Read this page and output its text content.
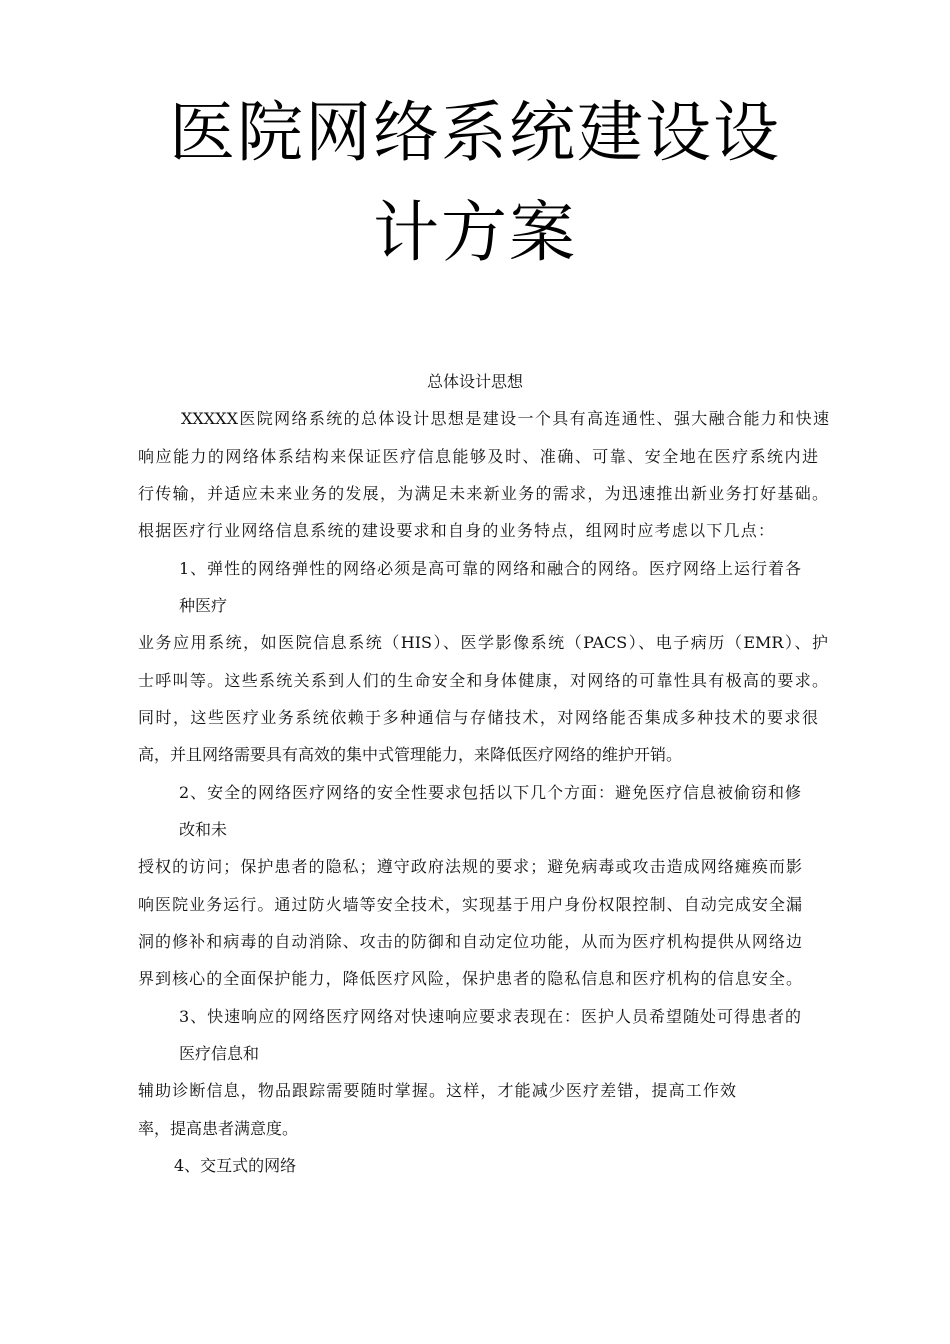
医院网络系统建设设
计方案
总体设计思想
XXXXX医院网络系统的总体设计思想是建设一个具有高连通性、强大融合能力和快速
响应能力的网络体系结构来保证医疗信息能够及时、准确、可靠、安全地在医疗系统内进
行传输，并适应未来业务的发展，为满足未来新业务的需求，为迅速推出新业务打好基础。
根据医疗行业网络信息系统的建设要求和自身的业务特点，组网时应考虑以下几点：
1、弹性的网络弹性的网络必须是高可靠的网络和融合的网络。医疗网络上运行着各
种医疗
业务应用系统，如医院信息系统（HIS）、医学影像系统（PACS）、电子病历（EMR）、护
士呼叫等。这些系统关系到人们的生命安全和身体健康，对网络的可靠性具有极高的要求。
同时，这些医疗业务系统依赖于多种通信与存储技术，对网络能否集成多种技术的要求很
高，并且网络需要具有高效的集中式管理能力，来降低医疗网络的维护开销。
2、安全的网络医疗网络的安全性要求包括以下几个方面：避免医疗信息被偷窃和修
改和未
授权的访问；保护患者的隐私；遵守政府法规的要求；避免病毒或攻击造成网络瘫痪而影
响医院业务运行。通过防火墙等安全技术，实现基于用户身份权限控制、自动完成安全漏
洞的修补和病毒的自动消除、攻击的防御和自动定位功能，从而为医疗机构提供从网络边
界到核心的全面保护能力，降低医疗风险，保护患者的隐私信息和医疗机构的信息安全。
3、快速响应的网络医疗网络对快速响应要求表现在：医护人员希望随处可得患者的
医疗信息和
辅助诊断信息，物品跟踪需要随时掌握。这样，才能减少医疗差错，提高工作效
率，提高患者满意度。
4、交互式的网络
